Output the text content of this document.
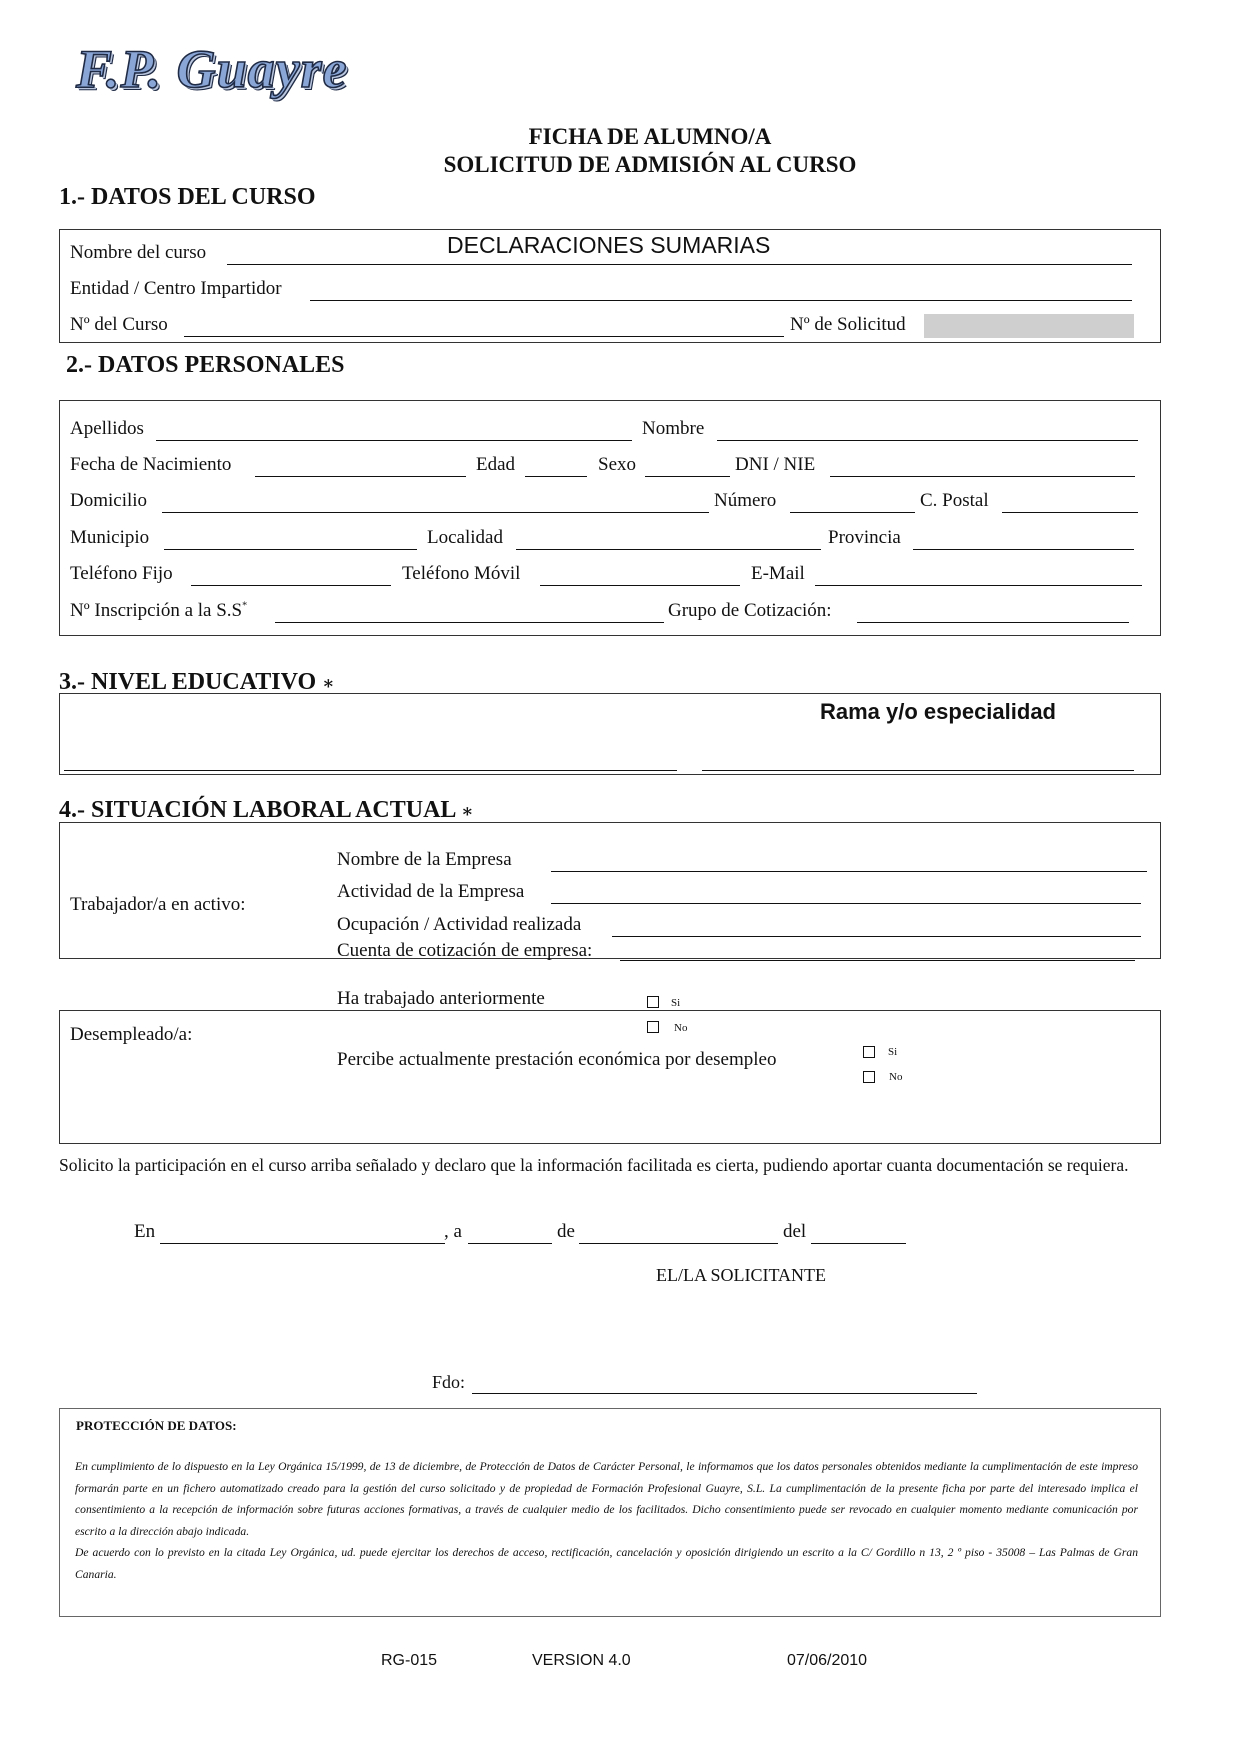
F.P. Guayre
FICHA DE ALUMNO/A
SOLICITUD DE ADMISIÓN AL CURSO
1.- DATOS DEL CURSO
Nombre del curso	DECLARACIONES SUMARIAS
Entidad / Centro Impartidor
Nº del Curso	Nº de Solicitud
2.- DATOS PERSONALES
Apellidos	Nombre
Fecha de Nacimiento	Edad	Sexo	DNI / NIE
Domicilio	Número	C. Postal
Municipio	Localidad	Provincia
Teléfono Fijo	Teléfono Móvil	E-Mail
Nº Inscripción a la S.S*	Grupo de Cotización:
3.- NIVEL EDUCATIVO ∗
Rama y/o especialidad
4.- SITUACIÓN LABORAL ACTUAL ∗
Trabajador/a en activo:
Nombre de la Empresa
Actividad de la Empresa
Ocupación / Actividad realizada
Cuenta de cotización de empresa:
Ha trabajado anteriormente	Si
No
Desempleado/a:
Percibe actualmente prestación económica por desempleo	Si
No
Solicito la participación en el curso arriba señalado y declaro que la información facilitada es cierta, pudiendo aportar cuanta documentación se requiera.
En	, a	de	del
EL/LA SOLICITANTE
Fdo:
PROTECCIÓN DE DATOS:
En cumplimiento de lo dispuesto en la Ley Orgánica 15/1999, de 13 de diciembre, de Protección de Datos de Carácter Personal, le informamos que los datos personales obtenidos mediante la cumplimentación de este impreso formarán parte en un fichero automatizado creado para la gestión del curso solicitado y de propiedad de Formación Profesional Guayre, S.L. La cumplimentación de la presente ficha por parte del interesado implica el consentimiento a la recepción de información sobre futuras acciones formativas, a través de cualquier medio de los facilitados. Dicho consentimiento puede ser revocado en cualquier momento mediante comunicación por escrito a la dirección abajo indicada.
De acuerdo con lo previsto en la citada Ley Orgánica, ud. puede ejercitar los derechos de acceso, rectificación, cancelación y oposición dirigiendo un escrito a la C/ Gordillo n 13, 2 º piso - 35008 – Las Palmas de Gran Canaria.
RG-015	VERSION 4.0	07/06/2010
